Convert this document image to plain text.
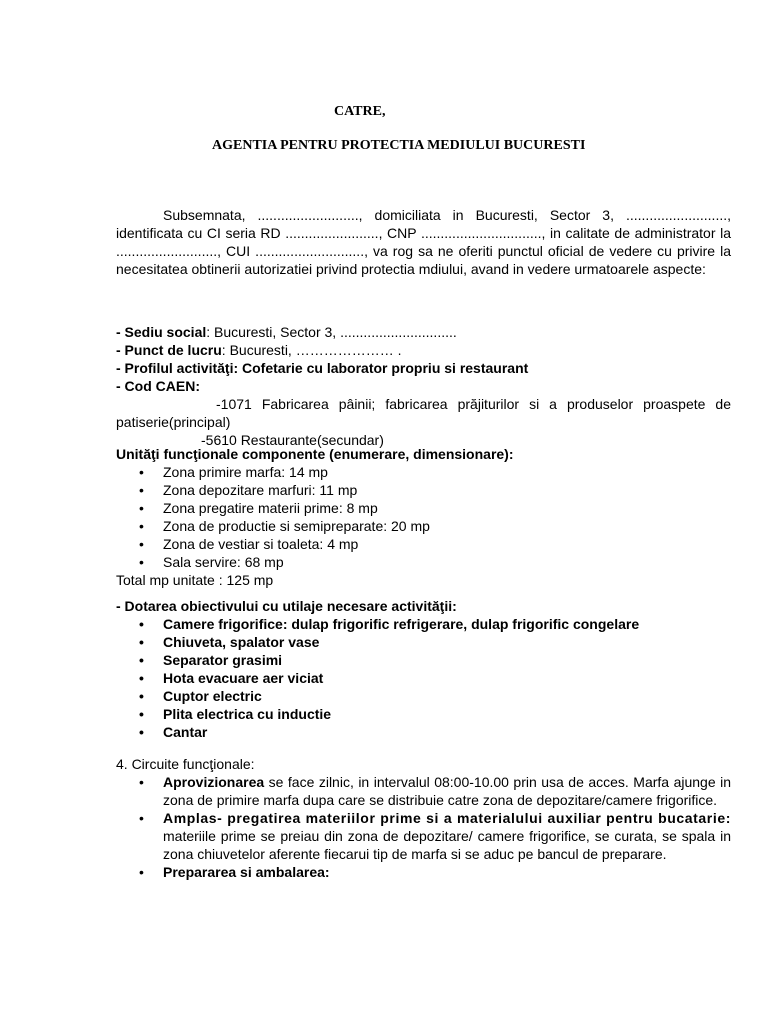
CATRE,
AGENTIA PENTRU PROTECTIA MEDIULUI BUCURESTI
Subsemnata, .........................., domiciliata in Bucuresti, Sector 3, .........................., identificata cu CI seria RD ........................, CNP ..............................., in calitate de administrator la .........................., CUI ............................, va rog sa ne oferiti punctul oficial de vedere cu privire la necesitatea obtinerii autorizatiei privind protectia mdiului, avand in vedere urmatoarele aspecte:
- Sediu social: Bucuresti, Sector 3, ..............................
- Punct de lucru: Bucuresti, ………………… .
- Profilul activităţi: Cofetarie cu laborator propriu si restaurant
- Cod CAEN:
-1071 Fabricarea pâinii; fabricarea prăjiturilor si a produselor proaspete de patiserie(principal)
-5610 Restaurante(secundar)
Unităţi funcţionale componente (enumerare, dimensionare):
• Zona primire marfa: 14 mp
• Zona depozitare marfuri: 11 mp
• Zona pregatire materii prime: 8 mp
• Zona de productie si semipreparate: 20 mp
• Zona de vestiar si toaleta: 4 mp
• Sala servire: 68 mp
Total mp unitate : 125 mp
- Dotarea obiectivului cu utilaje necesare activităţii:
• Camere frigorifice: dulap frigorific refrigerare, dulap frigorific congelare
• Chiuveta, spalator vase
• Separator grasimi
• Hota evacuare aer viciat
• Cuptor electric
• Plita electrica cu inductie
• Cantar
4. Circuite funcţionale:
• Aprovizionarea se face zilnic, in intervalul 08:00-10.00 prin usa de acces. Marfa ajunge in zona de primire marfa dupa care se distribuie catre zona de depozitare/camere frigorifice.
• Amplas- pregatirea materiilor prime si a materialului auxiliar pentru bucatarie: materiile prime se preiau din zona de depozitare/ camere frigorifice, se curata, se spala in zona chiuvetelor aferente fiecarui tip de marfa si se aduc pe bancul de preparare.
• Prepararea si ambalarea:
